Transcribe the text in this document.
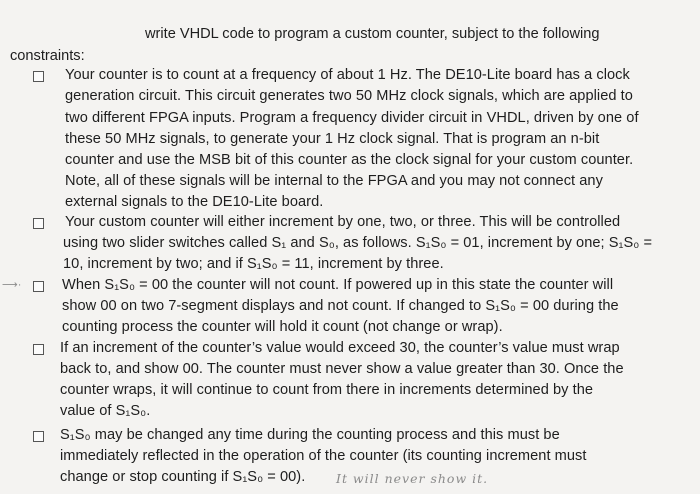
write VHDL code to program a custom counter, subject to the following
constraints:
Your counter is to count at a frequency of about 1 Hz. The DE10-Lite board has a clock
generation circuit. This circuit generates two 50 MHz clock signals, which are applied to
two different FPGA inputs. Program a frequency divider circuit in VHDL, driven by one of
these 50 MHz signals, to generate your 1 Hz clock signal. That is program an n-bit
counter and use the MSB bit of this counter as the clock signal for your custom counter.
Note, all of these signals will be internal to the FPGA and you may not connect any
external signals to the DE10-Lite board.
Your custom counter will either increment by one, two, or three. This will be controlled
using two slider switches called S₁ and S₀, as follows. S₁S₀ = 01, increment by one; S₁S₀ =
10, increment by two; and if S₁S₀ = 11, increment by three.
⟶·	When S₁S₀ = 00 the counter will not count. If powered up in this state the counter will
show 00 on two 7-segment displays and not count. If changed to S₁S₀ = 00 during the
counting process the counter will hold it count (not change or wrap).
If an increment of the counter’s value would exceed 30, the counter’s value must wrap
back to, and show 00. The counter must never show a value greater than 30. Once the
counter wraps, it will continue to count from there in increments determined by the
value of S₁S₀.
S₁S₀ may be changed any time during the counting process and this must be
immediately reflected in the operation of the counter (its counting increment must
change or stop counting if S₁S₀ = 00). It will never show it.
